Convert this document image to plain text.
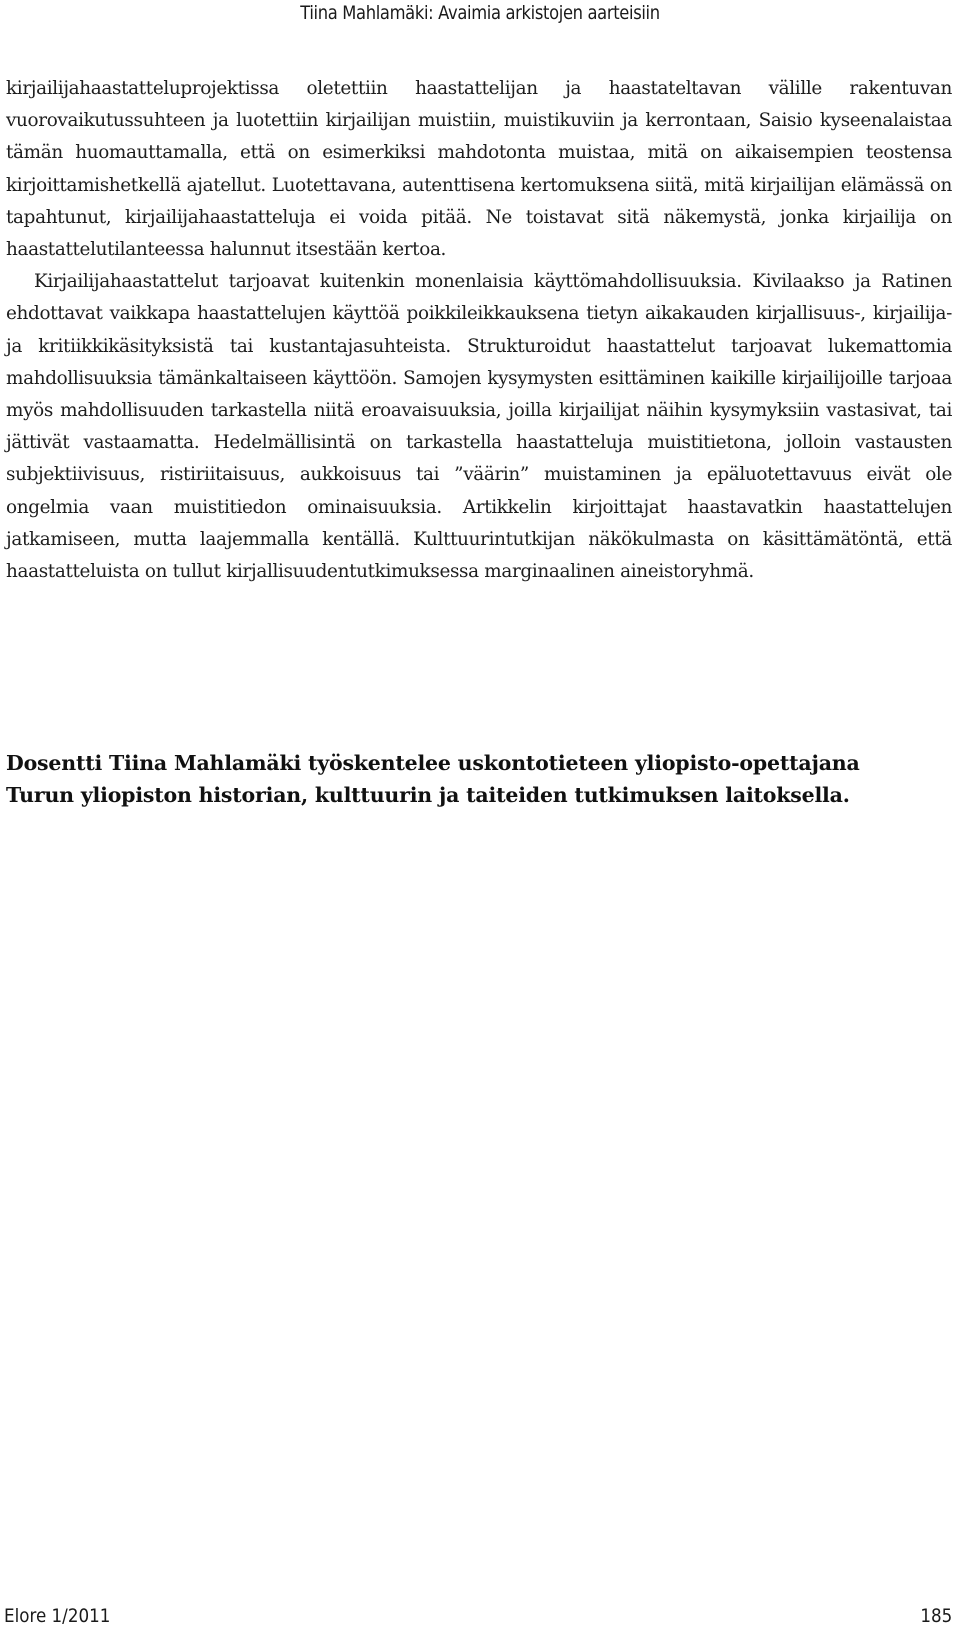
Tiina Mahlamäki: Avaimia arkistojen aarteisiin

kirjailijahaastatteluprojektissa oletettiin haastattelijan ja haastateltavan välille rakentuvan vuorovaikutussuhteen ja luotettiin kirjailijan muistiin, muistikuviin ja kerrontaan, Saisio kyseenalaistaa tämän huomauttamalla, että on esimerkiksi mahdotonta muistaa, mitä on aikaisempien teostensa kirjoittamishetkellä ajatellut. Luotettavana, autenttisena kertomuksena siitä, mitä kirjailijan elämässä on tapahtunut, kirjailijahaastatteluja ei voida pitää. Ne toistavat sitä näkemystä, jonka kirjailija on haastattelutilanteessa halunnut itsestään kertoa.

Kirjailijahaastattelut tarjoavat kuitenkin monenlaisia käyttömahdollisuuksia. Kivilaakso ja Ratinen ehdottavat vaikkapa haastattelujen käyttöä poikkileikkauksena tietyn aikakauden kirjallisuus-, kirjailija- ja kritiikkikäsityksistä tai kustantajasuhteista. Strukturoidut haastattelut tarjoavat lukemattomia mahdollisuuksia tämänkaltaiseen käyttöön. Samojen kysymysten esittäminen kaikille kirjailijoille tarjoaa myös mahdollisuuden tarkastella niitä eroavaisuuksia, joilla kirjailijat näihin kysymyksiin vastasivat, tai jättivät vastaamatta. Hedelmällisintä on tarkastella haastatteluja muistitietona, jolloin vastausten subjektiivisuus, ristiriitaisuus, aukkoisuus tai ”väärin” muistaminen ja epäluotettavuus eivät ole ongelmia vaan muistitiedon ominaisuuksia. Artikkelin kirjoittajat haastavatkin haastattelujen jatkamiseen, mutta laajemmalla kentällä. Kulttuurintutkijan näkökulmasta on käsittämätöntä, että haastatteluista on tullut kirjallisuudentutkimuksessa marginaalinen aineistoryhmä.

Dosentti Tiina Mahlamäki työskentelee uskontotieteen yliopisto-opettajana
Turun yliopiston historian, kulttuurin ja taiteiden tutkimuksen laitoksella.

Elore 1/2011	185
